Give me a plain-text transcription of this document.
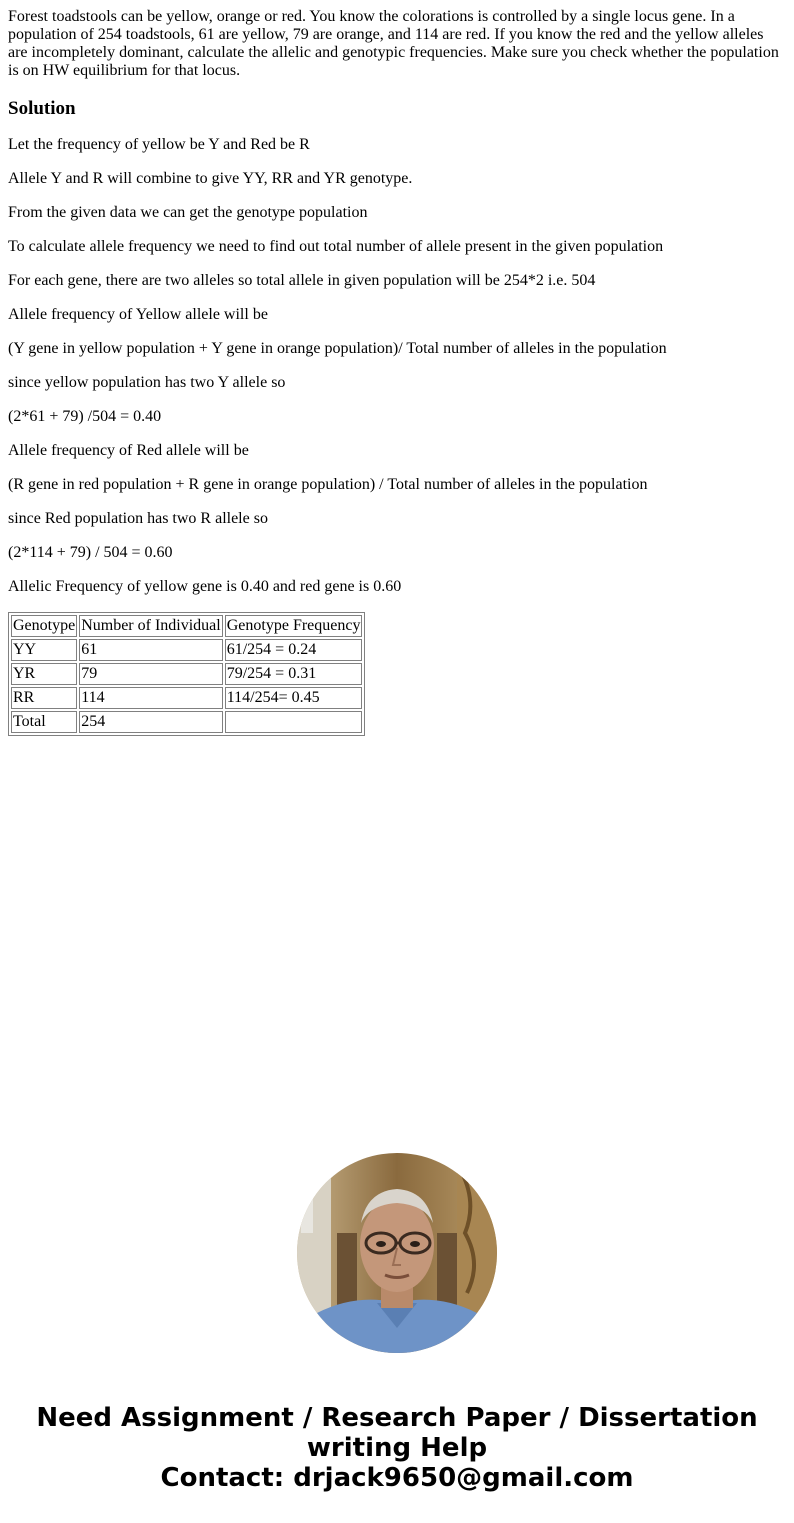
Forest toadstools can be yellow, orange or red. You know the colorations is controlled by a single locus gene. In a population of 254 toadstools, 61 are yellow, 79 are orange, and 114 are red. If you know the red and the yellow alleles are incompletely dominant, calculate the allelic and genotypic frequencies. Make sure you check whether the population is on HW equilibrium for that locus.

Solution

Let the frequency of yellow be Y and Red be R

Allele Y and R will combine to give YY, RR and YR genotype.

From the given data we can get the genotype population

To calculate allele frequency we need to find out total number of allele present in the given population

For each gene, there are two alleles so total allele in given population will be 254*2 i.e. 504

Allele frequency of Yellow allele will be

(Y gene in yellow population + Y gene in orange population)/ Total number of alleles in the population

since yellow population has two Y allele so

(2*61 + 79) /504 = 0.40

Allele frequency of Red allele will be

(R gene in red population + R gene in orange population) / Total number of alleles in the population

since Red population has two R allele so

(2*114 + 79) / 504 = 0.60

Allelic Frequency of yellow gene is 0.40 and red gene is 0.60

Genotype	Number of Individual	Genotype Frequency
YY	61	61/254 = 0.24
YR	79	79/254 = 0.31
RR	114	114/254= 0.45
Total	254	
Need Assignment / Research Paper / Dissertation
writing Help
Contact: drjack9650@gmail.com
